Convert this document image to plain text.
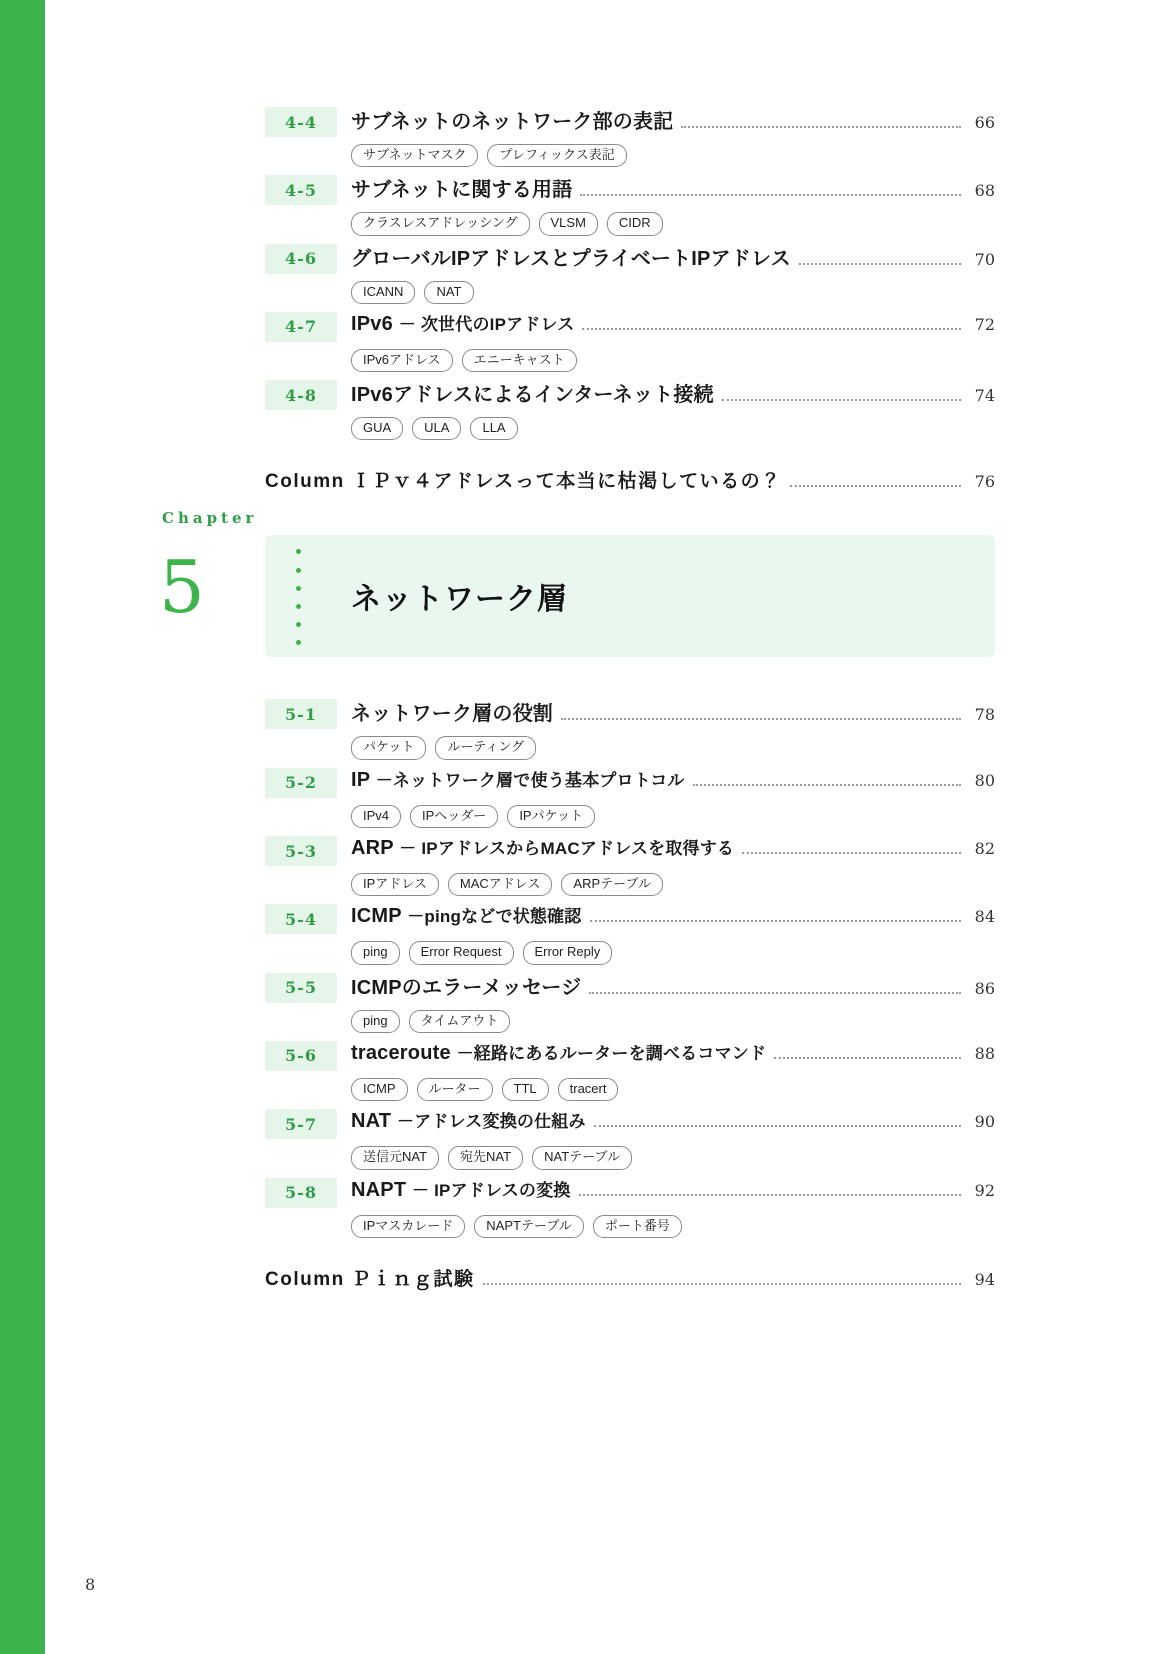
4-4	サブネットのネットワーク部の表記	66
サブネットマスク	プレフィックス表記
4-5	サブネットに関する用語	68
クラスレスアドレッシング	VLSM	CIDR
4-6	グローバルIPアドレスとプライベートIPアドレス	70
ICANN	NAT
4-7	IPv6 － 次世代のIPアドレス	72
IPv6アドレス	エニーキャスト
4-8	IPv6アドレスによるインターネット接続	74
GUA	ULA	LLA
Column ＩＰｖ４アドレスって本当に枯渇しているの？	76
Chapter
5	ネットワーク層
5-1	ネットワーク層の役割	78
パケット	ルーティング
5-2	IP －ネットワーク層で使う基本プロトコル	80
IPv4	IPヘッダー	IPパケット
5-3	ARP － IPアドレスからMACアドレスを取得する	82
IPアドレス	MACアドレス	ARPテーブル
5-4	ICMP －pingなどで状態確認	84
ping	Error Request	Error Reply
5-5	ICMPのエラーメッセージ	86
ping	タイムアウト
5-6	traceroute －経路にあるルーターを調べるコマンド	88
ICMP	ルーター	TTL	tracert
5-7	NAT －アドレス変換の仕組み	90
送信元NAT	宛先NAT	NATテーブル
5-8	NAPT － IPアドレスの変換	92
IPマスカレード	NAPTテーブル	ポート番号
Column Ｐｉｎｇ試験	94
8
